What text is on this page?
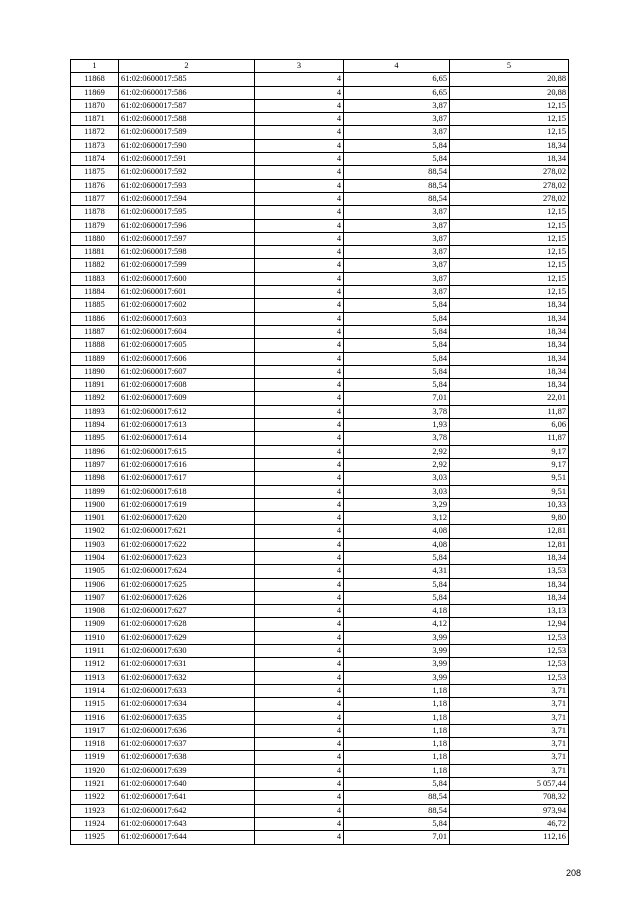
1	2	3	4	5
11868	61:02:0600017:585	4	6,65	20,88
11869	61:02:0600017:586	4	6,65	20,88
11870	61:02:0600017:587	4	3,87	12,15
11871	61:02:0600017:588	4	3,87	12,15
11872	61:02:0600017:589	4	3,87	12,15
11873	61:02:0600017:590	4	5,84	18,34
11874	61:02:0600017:591	4	5,84	18,34
11875	61:02:0600017:592	4	88,54	278,02
11876	61:02:0600017:593	4	88,54	278,02
11877	61:02:0600017:594	4	88,54	278,02
11878	61:02:0600017:595	4	3,87	12,15
11879	61:02:0600017:596	4	3,87	12,15
11880	61:02:0600017:597	4	3,87	12,15
11881	61:02:0600017:598	4	3,87	12,15
11882	61:02:0600017:599	4	3,87	12,15
11883	61:02:0600017:600	4	3,87	12,15
11884	61:02:0600017:601	4	3,87	12,15
11885	61:02:0600017:602	4	5,84	18,34
11886	61:02:0600017:603	4	5,84	18,34
11887	61:02:0600017:604	4	5,84	18,34
11888	61:02:0600017:605	4	5,84	18,34
11889	61:02:0600017:606	4	5,84	18,34
11890	61:02:0600017:607	4	5,84	18,34
11891	61:02:0600017:608	4	5,84	18,34
11892	61:02:0600017:609	4	7,01	22,01
11893	61:02:0600017:612	4	3,78	11,87
11894	61:02:0600017:613	4	1,93	6,06
11895	61:02:0600017:614	4	3,78	11,87
11896	61:02:0600017:615	4	2,92	9,17
11897	61:02:0600017:616	4	2,92	9,17
11898	61:02:0600017:617	4	3,03	9,51
11899	61:02:0600017:618	4	3,03	9,51
11900	61:02:0600017:619	4	3,29	10,33
11901	61:02:0600017:620	4	3,12	9,80
11902	61:02:0600017:621	4	4,08	12,81
11903	61:02:0600017:622	4	4,08	12,81
11904	61:02:0600017:623	4	5,84	18,34
11905	61:02:0600017:624	4	4,31	13,53
11906	61:02:0600017:625	4	5,84	18,34
11907	61:02:0600017:626	4	5,84	18,34
11908	61:02:0600017:627	4	4,18	13,13
11909	61:02:0600017:628	4	4,12	12,94
11910	61:02:0600017:629	4	3,99	12,53
11911	61:02:0600017:630	4	3,99	12,53
11912	61:02:0600017:631	4	3,99	12,53
11913	61:02:0600017:632	4	3,99	12,53
11914	61:02:0600017:633	4	1,18	3,71
11915	61:02:0600017:634	4	1,18	3,71
11916	61:02:0600017:635	4	1,18	3,71
11917	61:02:0600017:636	4	1,18	3,71
11918	61:02:0600017:637	4	1,18	3,71
11919	61:02:0600017:638	4	1,18	3,71
11920	61:02:0600017:639	4	1,18	3,71
11921	61:02:0600017:640	4	5,84	5 057,44
11922	61:02:0600017:641	4	88,54	708,32
11923	61:02:0600017:642	4	88,54	973,94
11924	61:02:0600017:643	4	5,84	46,72
11925	61:02:0600017:644	4	7,01	112,16
208
